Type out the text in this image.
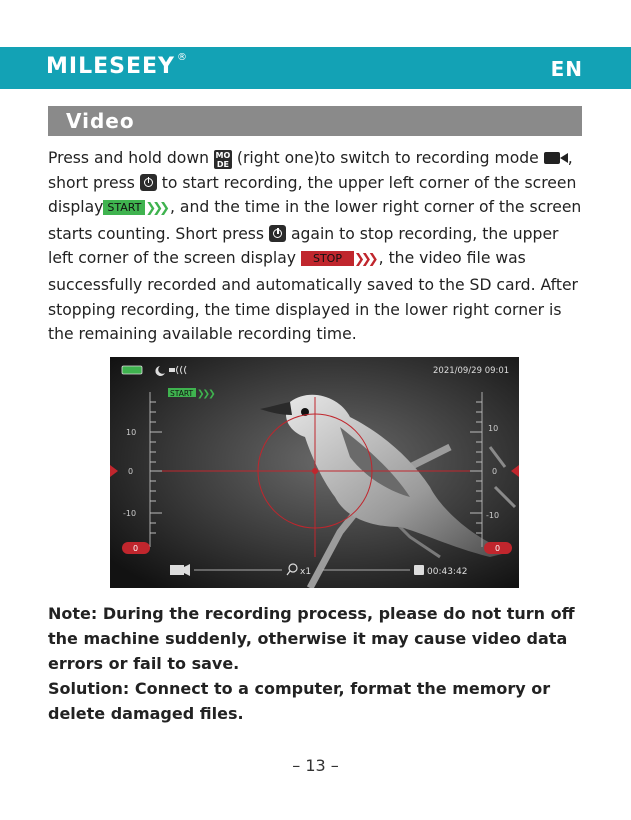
MILESEEY ®	EN
Video
Press and hold down MO
DE (right one)to switch to recording mode , short press  to start recording, the upper left corner of the screen display START ❯❯❯ , and the time in the lower right corner of the screen starts counting. Short press  again to stop recording, the upper left corner of the screen display STOP ❯❯❯ , the video file was successfully recorded and automatically saved to the SD card. After stopping recording, the time displayed in the lower right corner is the remaining available recording time.
START ❯❯❯
2021/09/29 09:01
10
0
-10
10
0
-10
0	0
x1	00:43:42
Note: During the recording process, please do not turn off the machine suddenly, otherwise it may cause video data errors or fail to save.
Solution: Connect to a computer, format the memory or delete damaged files.
– 13 –
